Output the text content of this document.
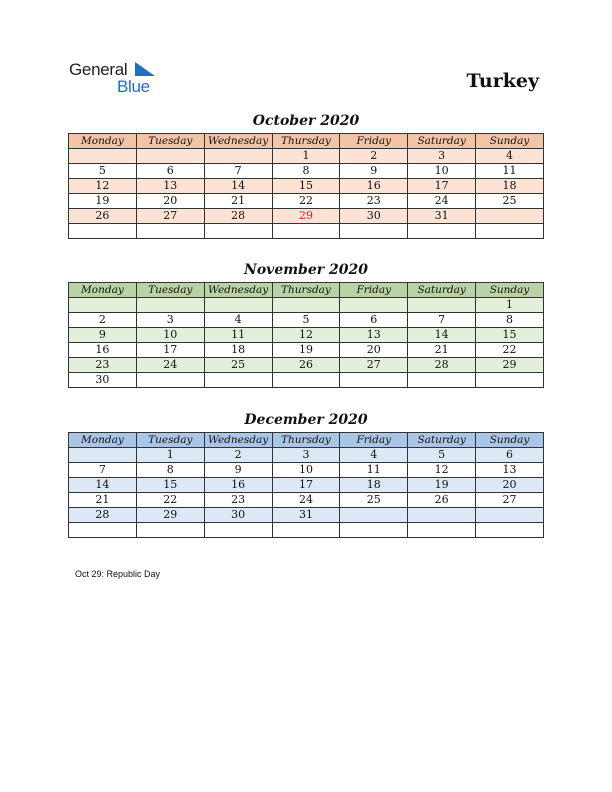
General
Blue	Turkey
October 2020
Monday	Tuesday	Wednesday	Thursday	Friday	Saturday	Sunday
			1	2	3	4
5	6	7	8	9	10	11
12	13	14	15	16	17	18
19	20	21	22	23	24	25
26	27	28	29	30	31	

November 2020
Monday	Tuesday	Wednesday	Thursday	Friday	Saturday	Sunday
						1
2	3	4	5	6	7	8
9	10	11	12	13	14	15
16	17	18	19	20	21	22
23	24	25	26	27	28	29
30						
December 2020
Monday	Tuesday	Wednesday	Thursday	Friday	Saturday	Sunday
	1	2	3	4	5	6
7	8	9	10	11	12	13
14	15	16	17	18	19	20
21	22	23	24	25	26	27
28	29	30	31			

Oct 29: Republic Day
